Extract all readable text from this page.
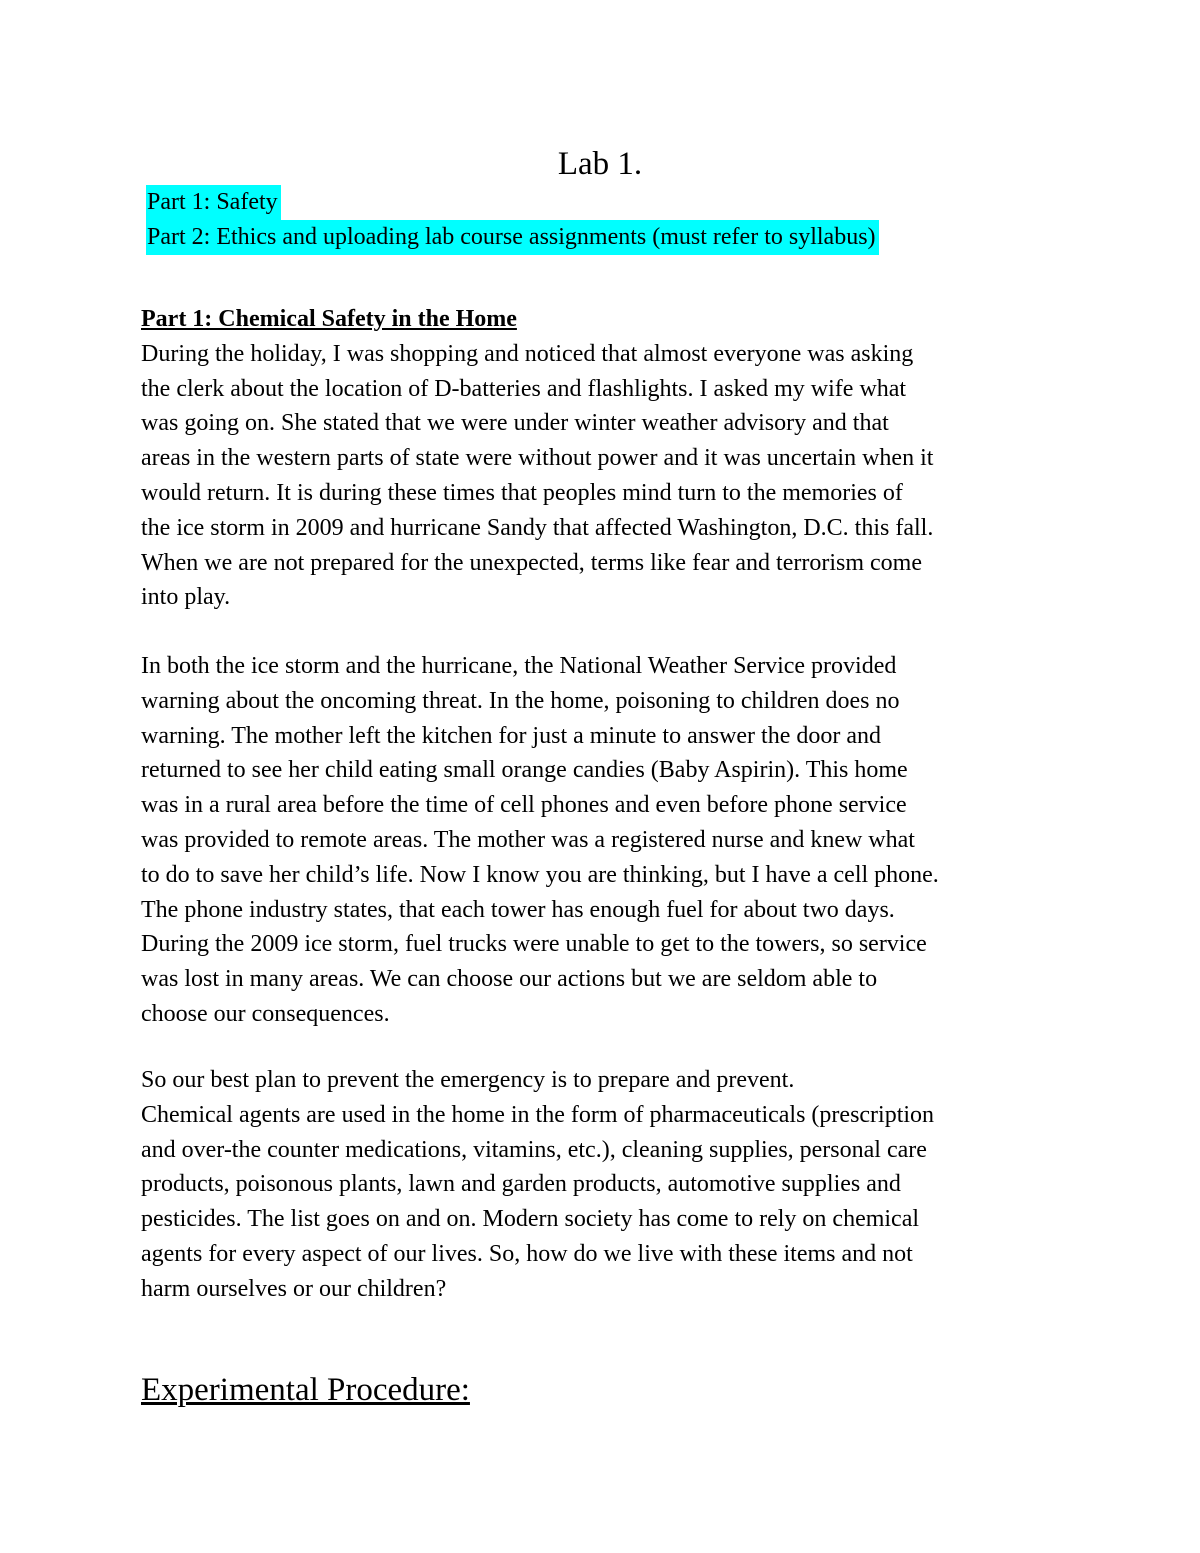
Lab 1.
Part 1: Safety
Part 2: Ethics and uploading lab course assignments (must refer to syllabus)
Part 1: Chemical Safety in the Home

During the holiday, I was shopping and noticed that almost everyone was asking
the clerk about the location of D-batteries and flashlights. I asked my wife what
was going on. She stated that we were under winter weather advisory and that
areas in the western parts of state were without power and it was uncertain when it
would return. It is during these times that peoples mind turn to the memories of
the ice storm in 2009 and hurricane Sandy that affected Washington, D.C. this fall.
When we are not prepared for the unexpected, terms like fear and terrorism come
into play.

In both the ice storm and the hurricane, the National Weather Service provided
warning about the oncoming threat. In the home, poisoning to children does no
warning. The mother left the kitchen for just a minute to answer the door and
returned to see her child eating small orange candies (Baby Aspirin). This home
was in a rural area before the time of cell phones and even before phone service
was provided to remote areas. The mother was a registered nurse and knew what
to do to save her child’s life. Now I know you are thinking, but I have a cell phone.
The phone industry states, that each tower has enough fuel for about two days.
During the 2009 ice storm, fuel trucks were unable to get to the towers, so service
was lost in many areas. We can choose our actions but we are seldom able to
choose our consequences.

So our best plan to prevent the emergency is to prepare and prevent.
Chemical agents are used in the home in the form of pharmaceuticals (prescription
and over-the counter medications, vitamins, etc.), cleaning supplies, personal care
products, poisonous plants, lawn and garden products, automotive supplies and
pesticides. The list goes on and on. Modern society has come to rely on chemical
agents for every aspect of our lives. So, how do we live with these items and not
harm ourselves or our children?

Experimental Procedure:
